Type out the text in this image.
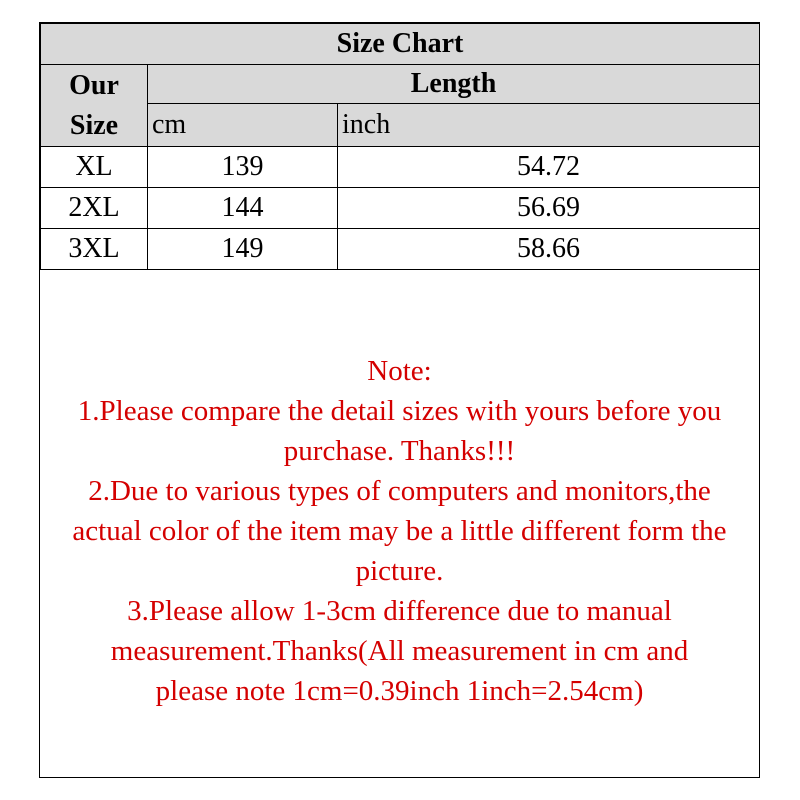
Size Chart		
Our Size	Length	
	cm	inch
XL	139	54.72
2XL	144	56.69
3XL	149	58.66
Note:
1.Please compare the detail sizes with yours before you
purchase. Thanks!!!
2.Due to various types of computers and monitors,the
actual color of the item may be a little different form the
picture.
3.Please allow 1-3cm difference due to manual
measurement.Thanks(All measurement in cm and
please note 1cm=0.39inch 1inch=2.54cm)
